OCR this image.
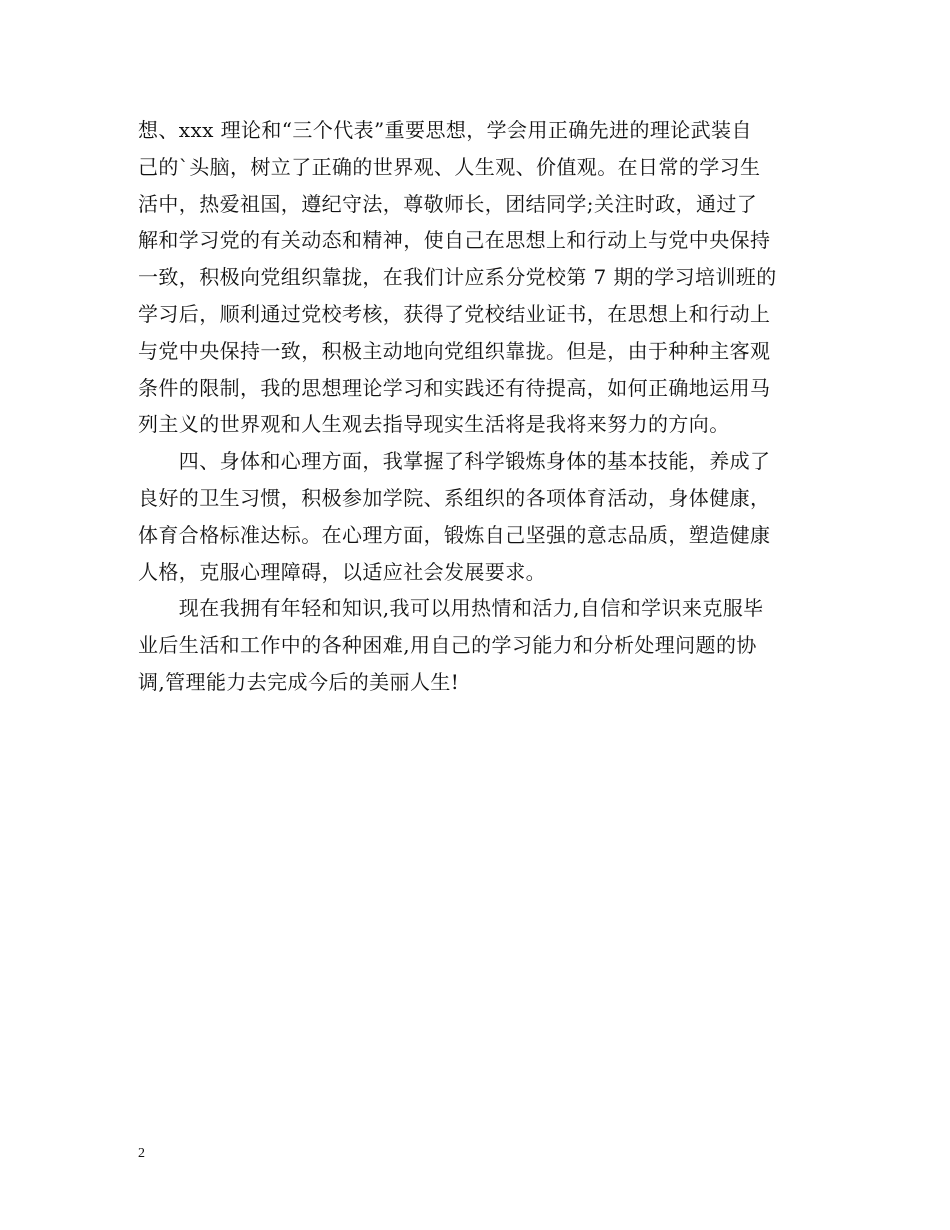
想、xxx 理论和“三个代表”重要思想，学会用正确先进的理论武装自
己的`头脑，树立了正确的世界观、人生观、价值观。在日常的学习生
活中，热爱祖国，遵纪守法，尊敬师长，团结同学;关注时政，通过了
解和学习党的有关动态和精神，使自己在思想上和行动上与党中央保持
一致，积极向党组织靠拢，在我们计应系分党校第 7 期的学习培训班的
学习后，顺利通过党校考核，获得了党校结业证书，在思想上和行动上
与党中央保持一致，积极主动地向党组织靠拢。但是，由于种种主客观
条件的限制，我的思想理论学习和实践还有待提高，如何正确地运用马
列主义的世界观和人生观去指导现实生活将是我将来努力的方向。
　　四、身体和心理方面，我掌握了科学锻炼身体的基本技能，养成了
良好的卫生习惯，积极参加学院、系组织的各项体育活动，身体健康，
体育合格标准达标。在心理方面，锻炼自己坚强的意志品质，塑造健康
人格，克服心理障碍，以适应社会发展要求。
　　现在我拥有年轻和知识,我可以用热情和活力,自信和学识来克服毕
业后生活和工作中的各种困难,用自己的学习能力和分析处理问题的协
调,管理能力去完成今后的美丽人生!
2
